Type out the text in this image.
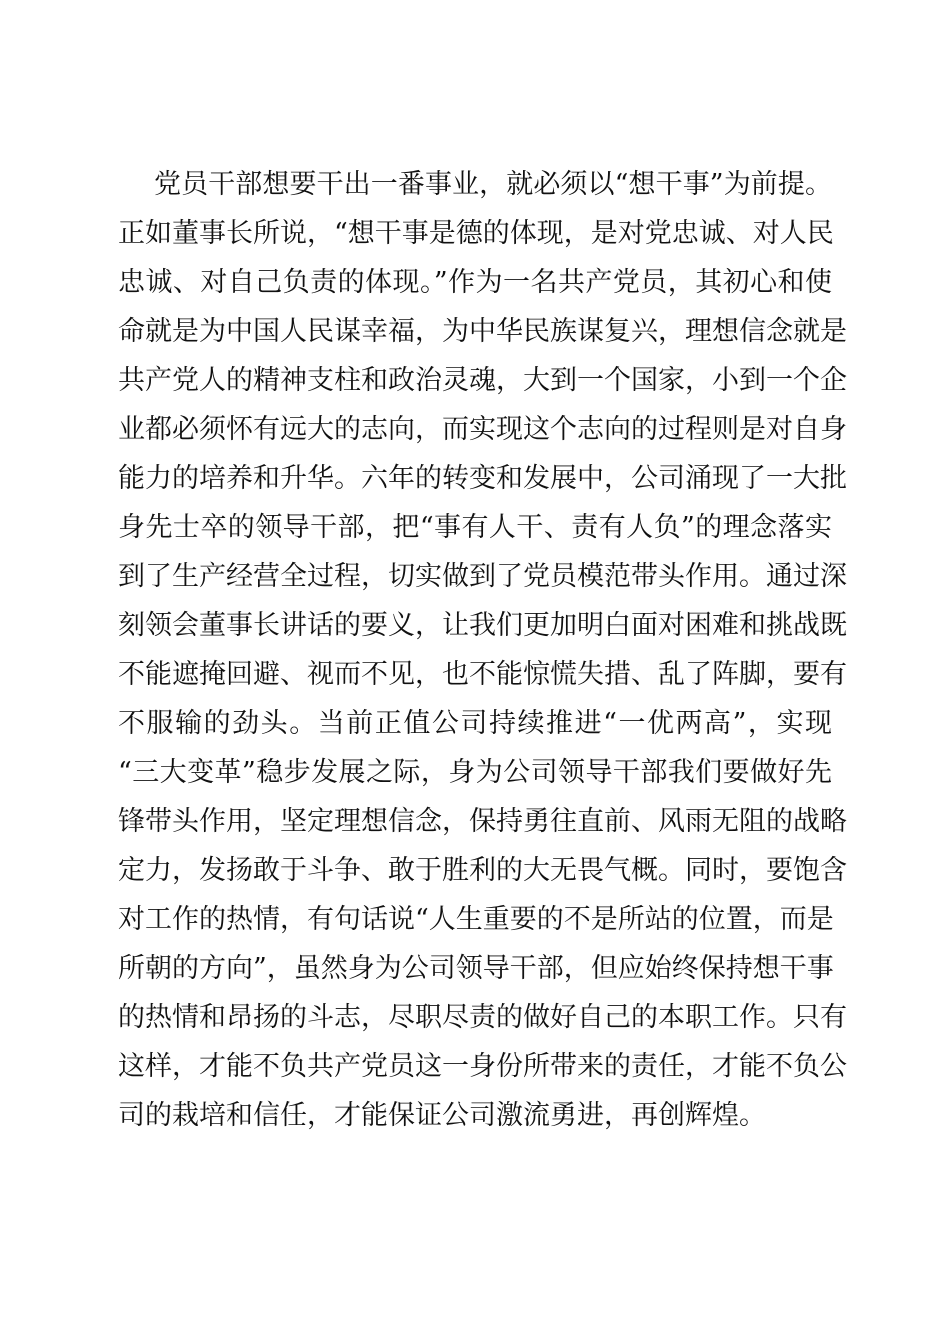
党员干部想要干出一番事业，就必须以“想干事”为前提。
正如董事长所说，“想干事是德的体现，是对党忠诚、对人民
忠诚、对自己负责的体现。”作为一名共产党员，其初心和使
命就是为中国人民谋幸福，为中华民族谋复兴，理想信念就是
共产党人的精神支柱和政治灵魂，大到一个国家，小到一个企
业都必须怀有远大的志向，而实现这个志向的过程则是对自身
能力的培养和升华。六年的转变和发展中，公司涌现了一大批
身先士卒的领导干部，把“事有人干、责有人负”的理念落实
到了生产经营全过程，切实做到了党员模范带头作用。通过深
刻领会董事长讲话的要义，让我们更加明白面对困难和挑战既
不能遮掩回避、视而不见，也不能惊慌失措、乱了阵脚，要有
不服输的劲头。当前正值公司持续推进“一优两高”，实现
“三大变革”稳步发展之际，身为公司领导干部我们要做好先
锋带头作用，坚定理想信念，保持勇往直前、风雨无阻的战略
定力，发扬敢于斗争、敢于胜利的大无畏气概。同时，要饱含
对工作的热情，有句话说“人生重要的不是所站的位置，而是
所朝的方向”，虽然身为公司领导干部，但应始终保持想干事
的热情和昂扬的斗志，尽职尽责的做好自己的本职工作。只有
这样，才能不负共产党员这一身份所带来的责任，才能不负公
司的栽培和信任，才能保证公司激流勇进，再创辉煌。
